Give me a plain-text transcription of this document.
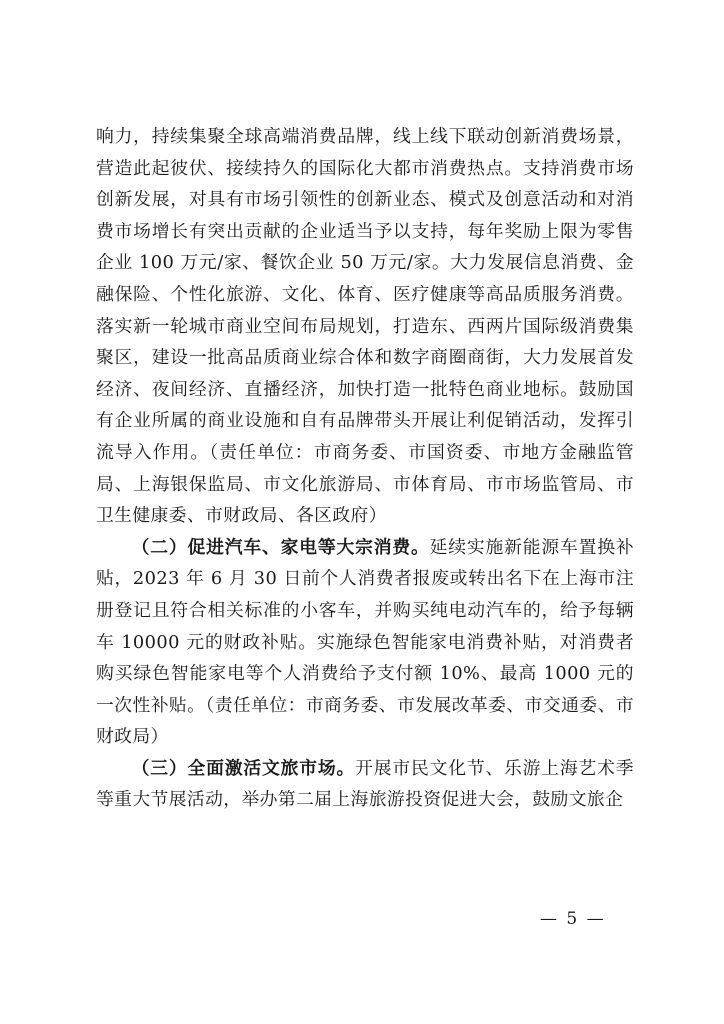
响力，持续集聚全球高端消费品牌，线上线下联动创新消费场景，营造此起彼伏、接续持久的国际化大都市消费热点。支持消费市场创新发展，对具有市场引领性的创新业态、模式及创意活动和对消费市场增长有突出贡献的企业适当予以支持，每年奖励上限为零售企业 100 万元/家、餐饮企业 50 万元/家。大力发展信息消费、金融保险、个性化旅游、文化、体育、医疗健康等高品质服务消费。落实新一轮城市商业空间布局规划，打造东、西两片国际级消费集聚区，建设一批高品质商业综合体和数字商圈商街，大力发展首发经济、夜间经济、直播经济，加快打造一批特色商业地标。鼓励国有企业所属的商业设施和自有品牌带头开展让利促销活动，发挥引流导入作用。（责任单位：市商务委、市国资委、市地方金融监管局、上海银保监局、市文化旅游局、市体育局、市市场监管局、市卫生健康委、市财政局、各区政府）

（二）促进汽车、家电等大宗消费。延续实施新能源车置换补贴，2023 年 6 月 30 日前个人消费者报废或转出名下在上海市注册登记且符合相关标准的小客车，并购买纯电动汽车的，给予每辆车 10000 元的财政补贴。实施绿色智能家电消费补贴，对消费者购买绿色智能家电等个人消费给予支付额 10%、最高 1000 元的一次性补贴。（责任单位：市商务委、市发展改革委、市交通委、市财政局）

（三）全面激活文旅市场。开展市民文化节、乐游上海艺术季等重大节展活动，举办第二届上海旅游投资促进大会，鼓励文旅企

— 5 —
